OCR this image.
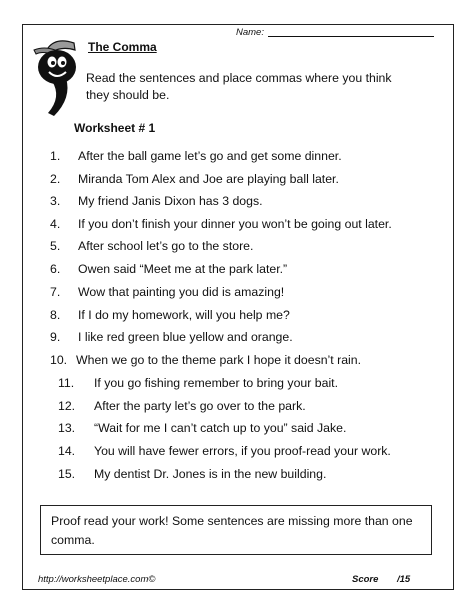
Name:
The Comma
Read the sentences and place commas where you think they should be.
Worksheet # 1
1. After the ball game let’s go and get some dinner.
2. Miranda Tom Alex and Joe are playing ball later.
3. My friend Janis Dixon has 3 dogs.
4. If you don’t finish your dinner you won’t be going out later.
5. After school let’s go to the store.
6. Owen said “Meet me at the park later.”
7. Wow that painting you did is amazing!
8. If I do my homework, will you help me?
9. I like red green blue yellow and orange.
10. When we go to the theme park I hope it doesn’t rain.
11. If you go fishing remember to bring your bait.
12. After the party let’s go over to the park.
13. “Wait for me I can’t catch up to you” said Jake.
14. You will have fewer errors, if you proof-read your work.
15. My dentist Dr. Jones is in the new building.
Proof read your work! Some sentences are missing more than one comma.
http://worksheetplace.com©	Score /15
